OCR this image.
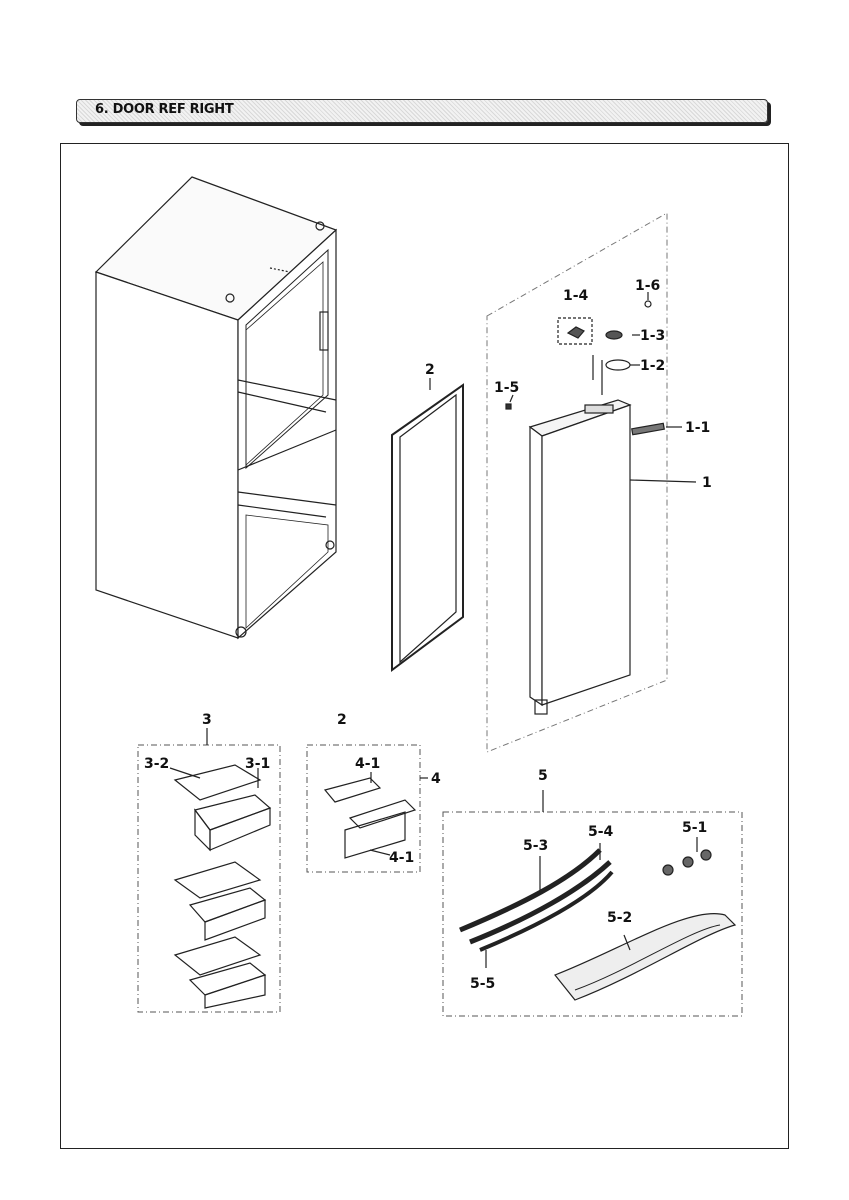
6. DOOR REF RIGHT
1-4
1-6
1-3
1-2
1-5
1-1
1
2
3	2
3-2	3-1	4-1
4
4-1
5
5-4	5-1
5-3
5-2
5-5
